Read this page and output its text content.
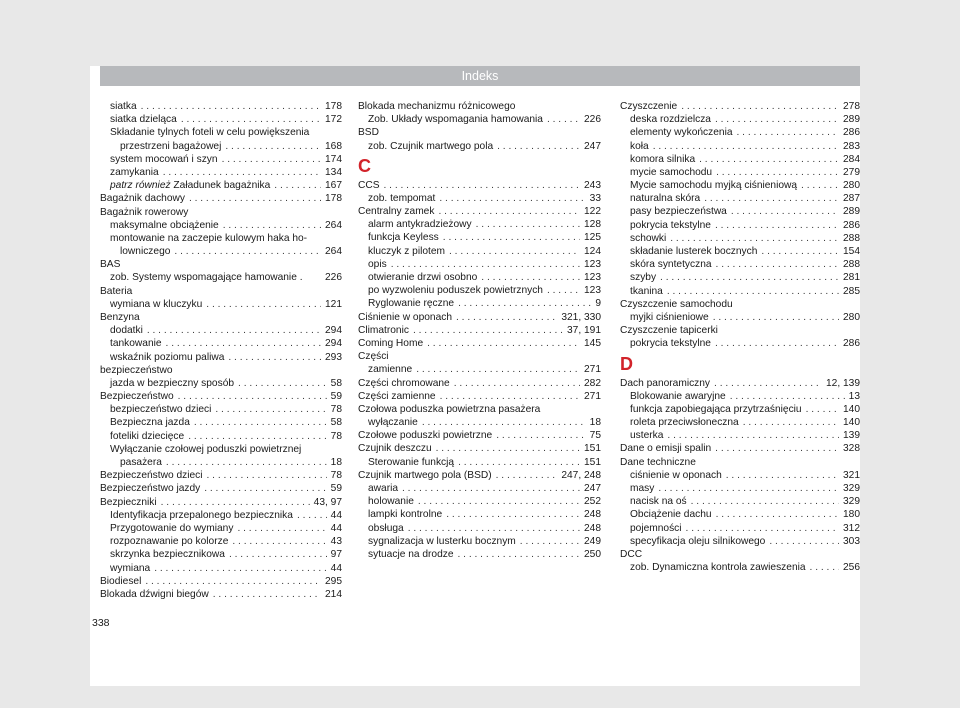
Indeks
siatka . . .	178
siatka dzieląca . . .	172
Składanie tylnych foteli w celu powiększenia
przestrzeni bagażowej . . .	168
system mocowań i szyn . . .	174
zamykania . . .	134
patrz również Załadunek bagażnika . . .	167
Bagażnik dachowy . . .	178
Bagażnik rowerowy
maksymalne obciążenie . . .	264
montowanie na zaczepie kulowym haka ho-
lowniczego . . .	264
BAS
zob. Systemy wspomagające hamowanie . 226
Bateria
wymiana w kluczyku . . .	121
Benzyna
dodatki . . .	294
tankowanie . . .	294
wskaźnik poziomu paliwa . . .	293
bezpieczeństwo
jazda w bezpieczny sposób . . .	58
Bezpieczeństwo . . .	59
bezpieczeństwo dzieci . . .	78
Bezpieczna jazda . . .	58
foteliki dziecięce . . .	78
Wyłączanie czołowej poduszki powietrznej
pasażera . . .	18
Bezpieczeństwo dzieci . . .	78
Bezpieczeństwo jazdy . . .	59
Bezpieczniki . . .	43, 97
Identyfikacja przepalonego bezpiecznika . . .	44
Przygotowanie do wymiany . . .	44
rozpoznawanie po kolorze . . .	43
skrzynka bezpiecznikowa . . .	97
wymiana . . .	44
Biodiesel . . .	295
Blokada dźwigni biegów . . .	214
Blokada mechanizmu różnicowego
Zob. Układy wspomagania hamowania . . .	226
BSD
zob. Czujnik martwego pola . . .	247
C
CCS . . .	243
zob. tempomat . . .	33
Centralny zamek . . .	122
alarm antykradzieżowy . . .	128
funkcja Keyless . . .	125
kluczyk z pilotem . . .	124
opis . . .	123
otwieranie drzwi osobno . . .	123
po wyzwoleniu poduszek powietrznych . . .	123
Ryglowanie ręczne . . .	9
Ciśnienie w oponach . . .	321, 330
Climatronic . . .	37, 191
Coming Home . . .	145
Części
zamienne . . .	271
Części chromowane . . .	282
Części zamienne . . .	271
Czołowa poduszka powietrzna pasażera
wyłączanie . . .	18
Czołowe poduszki powietrzne . . .	75
Czujnik deszczu . . .	151
Sterowanie funkcją . . .	151
Czujnik martwego pola (BSD) . . .	247, 248
awaria . . .	247
holowanie . . .	252
lampki kontrolne . . .	248
obsługa . . .	248
sygnalizacja w lusterku bocznym . . .	249
sytuacje na drodze . . .	250
Czyszczenie . . .	278
deska rozdzielcza . . .	289
elementy wykończenia . . .	286
koła . . .	283
komora silnika . . .	284
mycie samochodu . . .	279
Mycie samochodu myjką ciśnieniową . . .	280
naturalna skóra . . .	287
pasy bezpieczeństwa . . .	289
pokrycia tekstylne . . .	286
schowki . . .	288
składanie lusterek bocznych . . .	154
skóra syntetyczna . . .	288
szyby . . .	281
tkanina . . .	285
Czyszczenie samochodu
myjki ciśnieniowe . . .	280
Czyszczenie tapicerki
pokrycia tekstylne . . .	286
D
Dach panoramiczny . . .	12, 139
Blokowanie awaryjne . . .	13
funkcja zapobiegająca przytrzaśnięciu . . .	140
roleta przeciwsłoneczna . . .	140
usterka . . .	139
Dane o emisji spalin . . .	328
Dane techniczne
ciśnienie w oponach . . .	321
masy . . .	329
nacisk na oś . . .	329
Obciążenie dachu . . .	180
pojemności . . .	312
specyfikacja oleju silnikowego . . .	303
DCC
zob. Dynamiczna kontrola zawieszenia . . .	256
338
